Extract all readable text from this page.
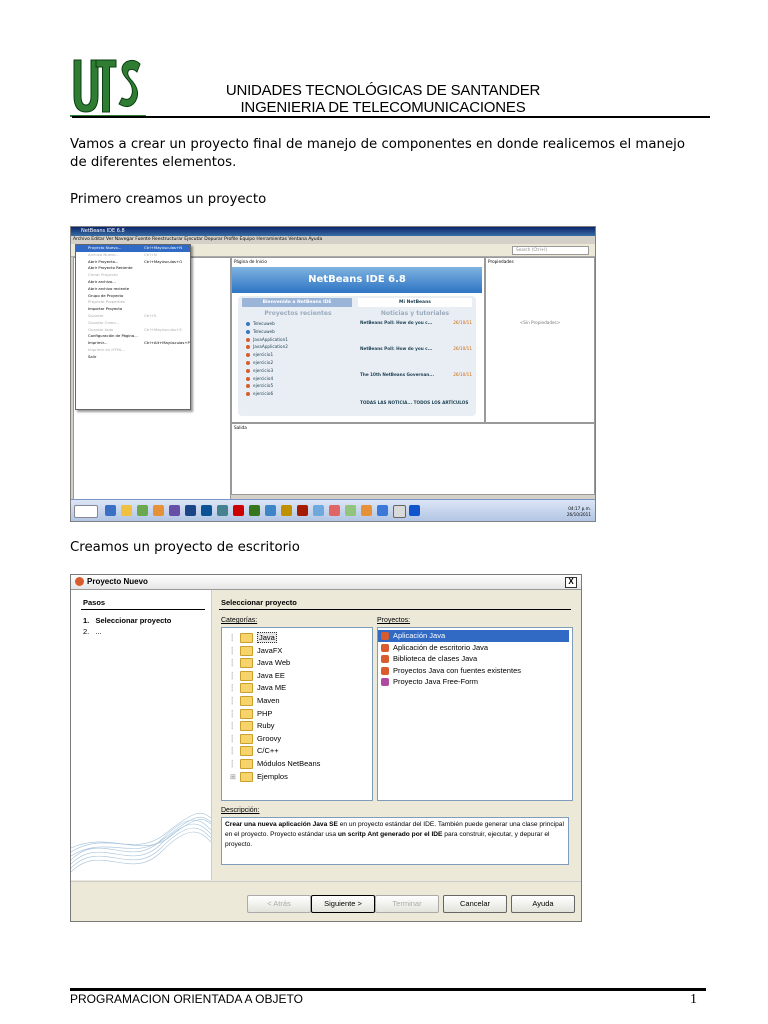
UNIDADES TECNOLÓGICAS DE SANTANDER
INGENIERIA DE TELECOMUNICACIONES
Vamos a crear un proyecto final de manejo de componentes en donde realicemos el manejo
de diferentes elementos.
Primero creamos un proyecto
NetBeans IDE 6.8
Archivo Editar Ver Navegar Fuente Reestructurar Ejecutar Depurar Profile Equipo Herramientas Ventana Ayuda
Search (Ctrl+I)
Página de Inicio
NetBeans IDE 6.8
Bienvenido a NetBeans IDE	Mi NetBeans
Proyectos recientes	Noticias y tutoriales
Telecuweb
Telecuweb
JavaApplication1
JavaApplication2
ejercicio1
ejercicio2
ejercicio3
ejercicio4
ejercicio5
ejercicio6
NetBeans Poll: How do you c...	26/10/11
NetBeans Poll: How do you c...	26/10/11
The 10th NetBeans Governan...	26/10/11
TODAS LAS NOTICIA... TODOS LOS ARTÍCULOS
Propiedades
<Sin Propiedades>
Salida
Proyecto Nuevo...	Ctrl+Mayúsculas+N
Archivo Nuevo...	Ctrl+N
Abrir Proyecto...	Ctrl+Mayúsculas+O
Abrir Proyecto Reciente
Cerrar Proyecto
Abrir archivo...
Abrir archivo reciente
Grupo de Proyecto
Proyecto Properties
Importar Proyecto
Guardar	Ctrl+S
Guardar Como...
Guardar todo	Ctrl+Mayúsculas+S
Configuración de Página...
Imprimir...	Ctrl+Alt+Mayúsculas+P
Imprimir en HTML...
Salir
04:17 p.m.
26/10/2011
Creamos un proyecto de escritorio
Proyecto Nuevo	X
Pasos
1.   Seleccionar proyecto
2.   ...
Seleccionar proyecto
Categorías:	Proyectos:
┆	Java
┆	JavaFX
┆	Java Web
┆	Java EE
┆	Java ME
┆	Maven
┆	PHP
┆	Ruby
┆	Groovy
┆	C/C++
┆	Módulos NetBeans
⊞	Ejemplos
Aplicación Java
Aplicación de escritorio Java
Biblioteca de clases Java
Proyectos Java con fuentes existentes
Proyecto Java Free-Form
Descripción:
Crear una nueva aplicación Java SE en un proyecto estándar del IDE. También puede generar una clase principal en el proyecto. Proyecto estándar usa un scritp Ant generado por el IDE para construir, ejecutar, y depurar el proyecto.
< Atrás	Siguiente >	Terminar	Cancelar	Ayuda
PROGRAMACION ORIENTADA A OBJETO	1
